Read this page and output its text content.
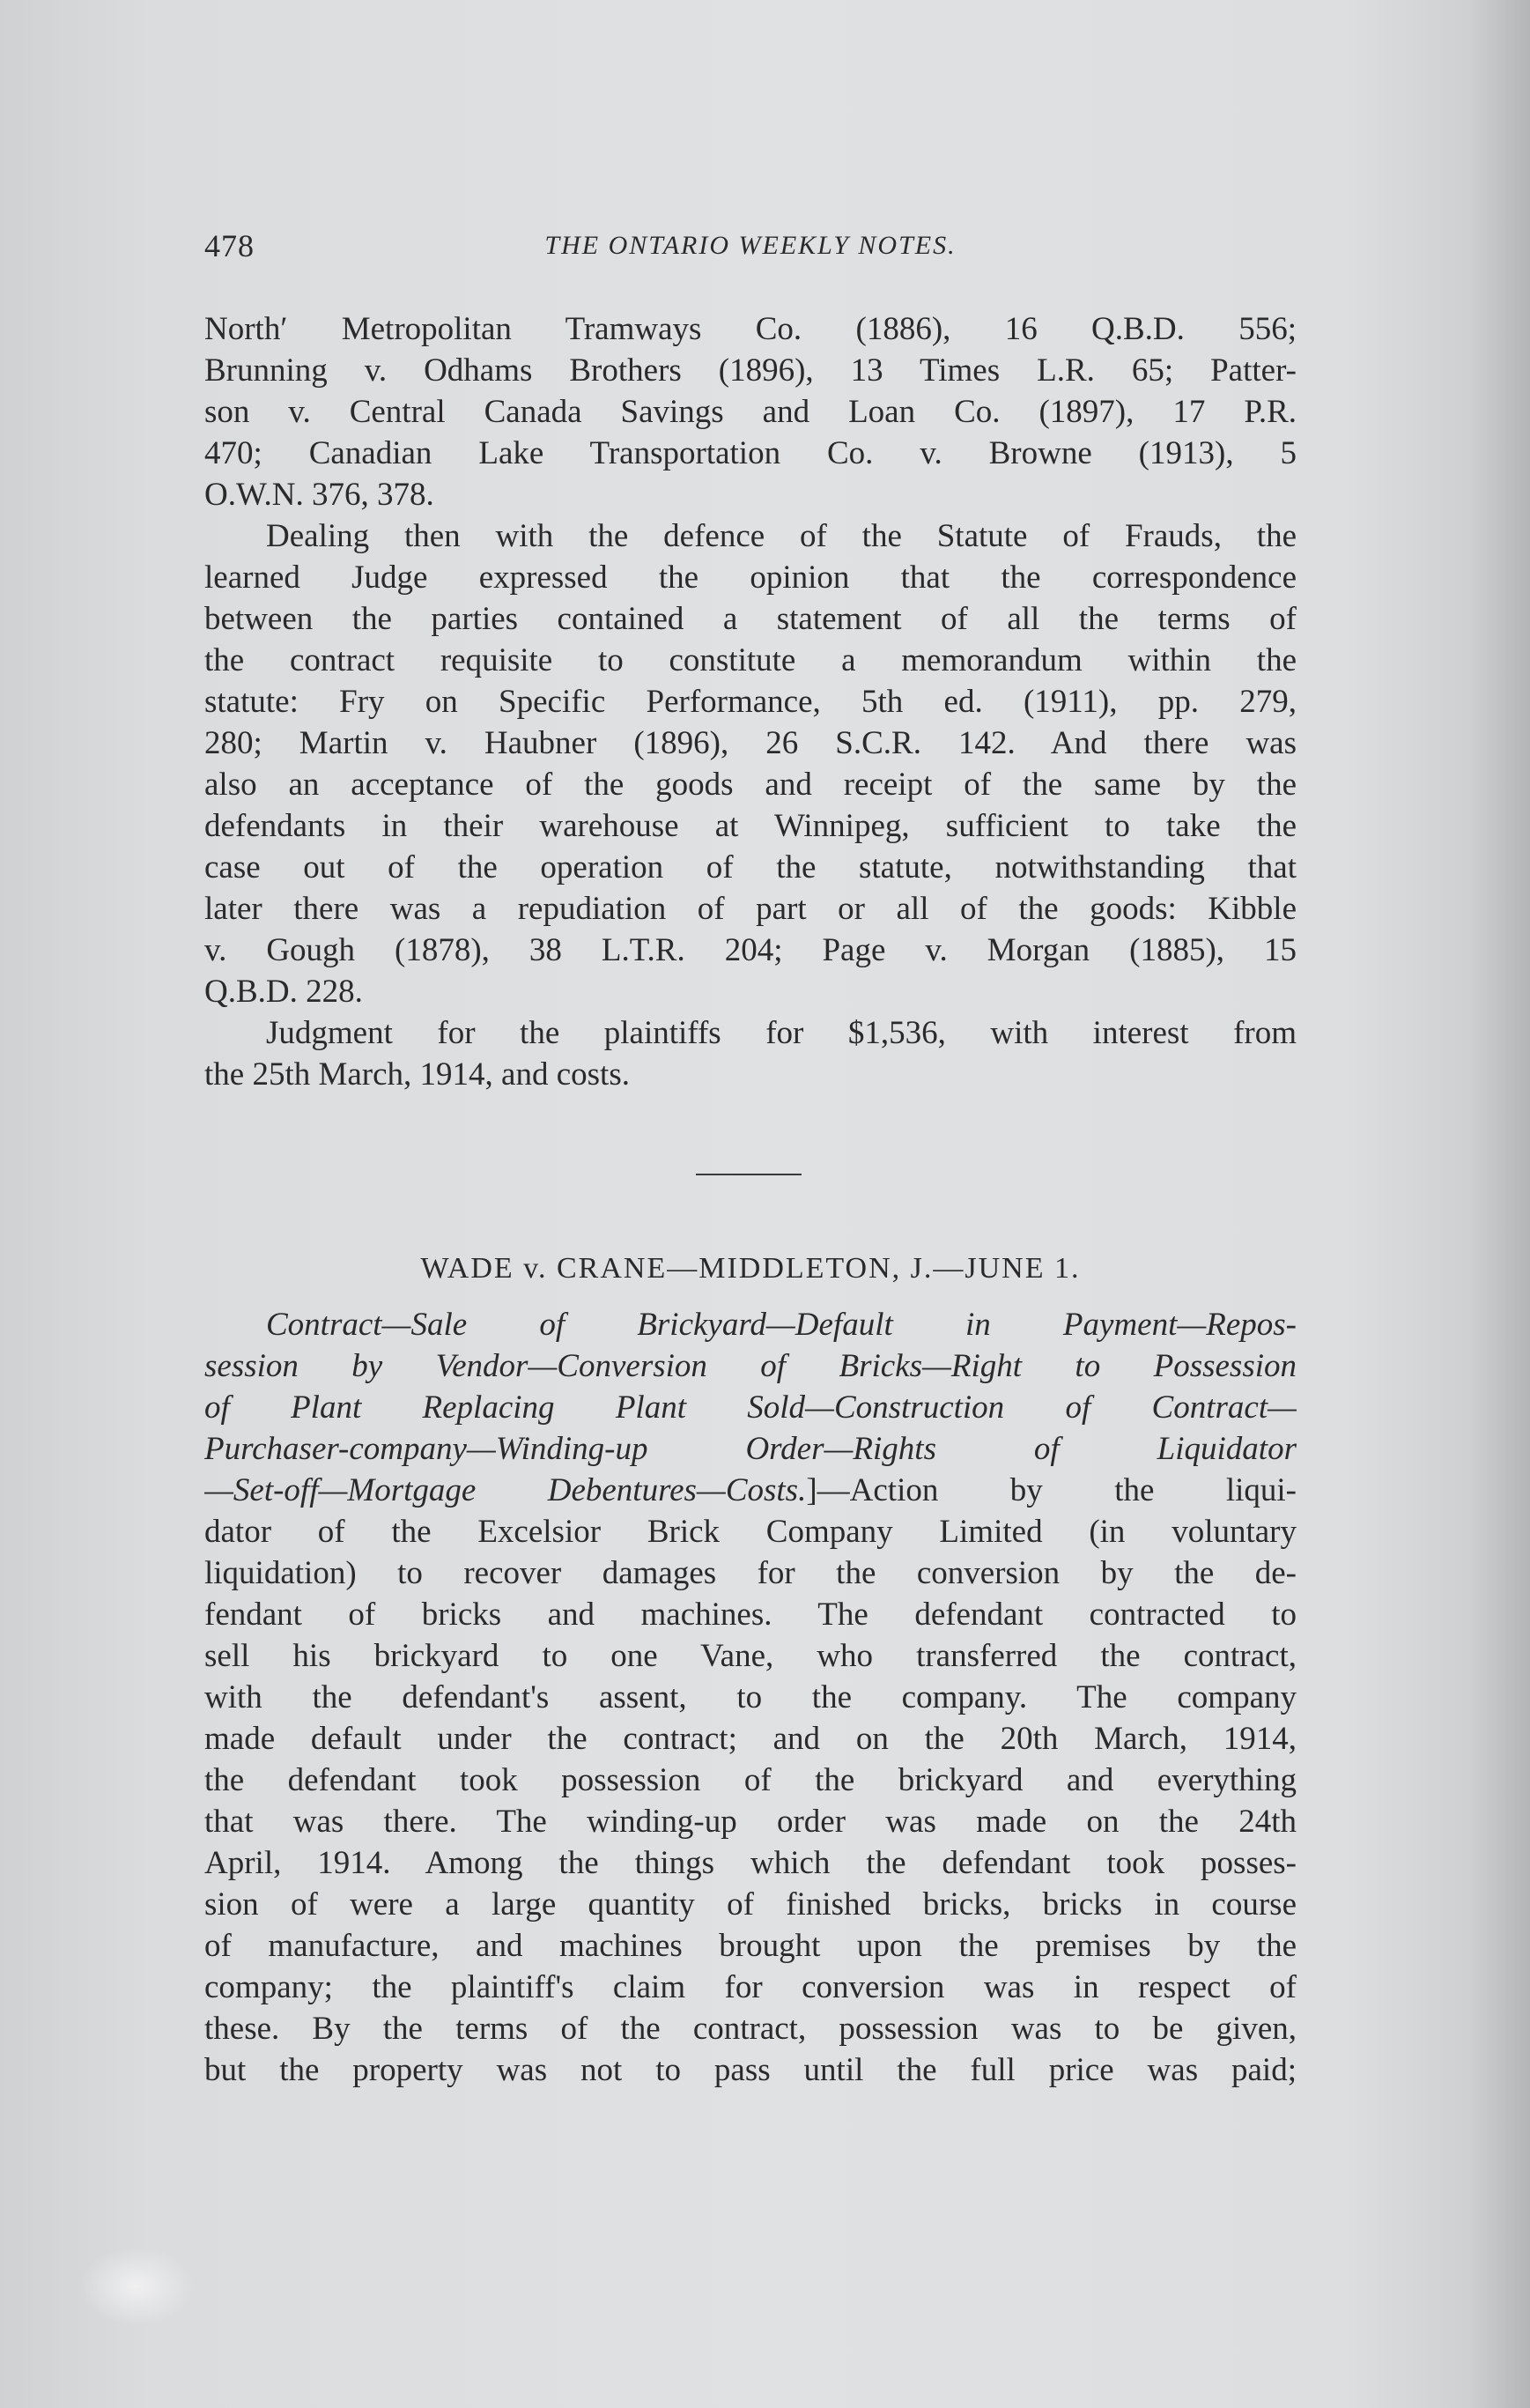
478	THE ONTARIO WEEKLY NOTES.
North′ Metropolitan Tramways Co. (1886), 16 Q.B.D. 556;
Brunning v. Odhams Brothers (1896), 13 Times L.R. 65; Patter-
son v. Central Canada Savings and Loan Co. (1897), 17 P.R.
470; Canadian Lake Transportation Co. v. Browne (1913), 5
O.W.N. 376, 378.
Dealing then with the defence of the Statute of Frauds, the
learned Judge expressed the opinion that the correspondence
between the parties contained a statement of all the terms of
the contract requisite to constitute a memorandum within the
statute: Fry on Specific Performance, 5th ed. (1911), pp. 279,
280; Martin v. Haubner (1896), 26 S.C.R. 142. And there was
also an acceptance of the goods and receipt of the same by the
defendants in their warehouse at Winnipeg, sufficient to take the
case out of the operation of the statute, notwithstanding that
later there was a repudiation of part or all of the goods: Kibble
v. Gough (1878), 38 L.T.R. 204; Page v. Morgan (1885), 15
Q.B.D. 228.
Judgment for the plaintiffs for $1,536, with interest from
the 25th March, 1914, and costs.
WADE v. CRANE—MIDDLETON, J.—JUNE 1.
Contract—Sale of Brickyard—Default in Payment—Repos-
session by Vendor—Conversion of Bricks—Right to Possession
of Plant Replacing Plant Sold—Construction of Contract—
Purchaser-company—Winding-up Order—Rights of Liquidator
—Set-off—Mortgage Debentures—Costs.]—Action by the liqui-
dator of the Excelsior Brick Company Limited (in voluntary
liquidation) to recover damages for the conversion by the de-
fendant of bricks and machines. The defendant contracted to
sell his brickyard to one Vane, who transferred the contract,
with the defendant's assent, to the company. The company
made default under the contract; and on the 20th March, 1914,
the defendant took possession of the brickyard and everything
that was there. The winding-up order was made on the 24th
April, 1914. Among the things which the defendant took posses-
sion of were a large quantity of finished bricks, bricks in course
of manufacture, and machines brought upon the premises by the
company; the plaintiff's claim for conversion was in respect of
these. By the terms of the contract, possession was to be given,
but the property was not to pass until the full price was paid;
